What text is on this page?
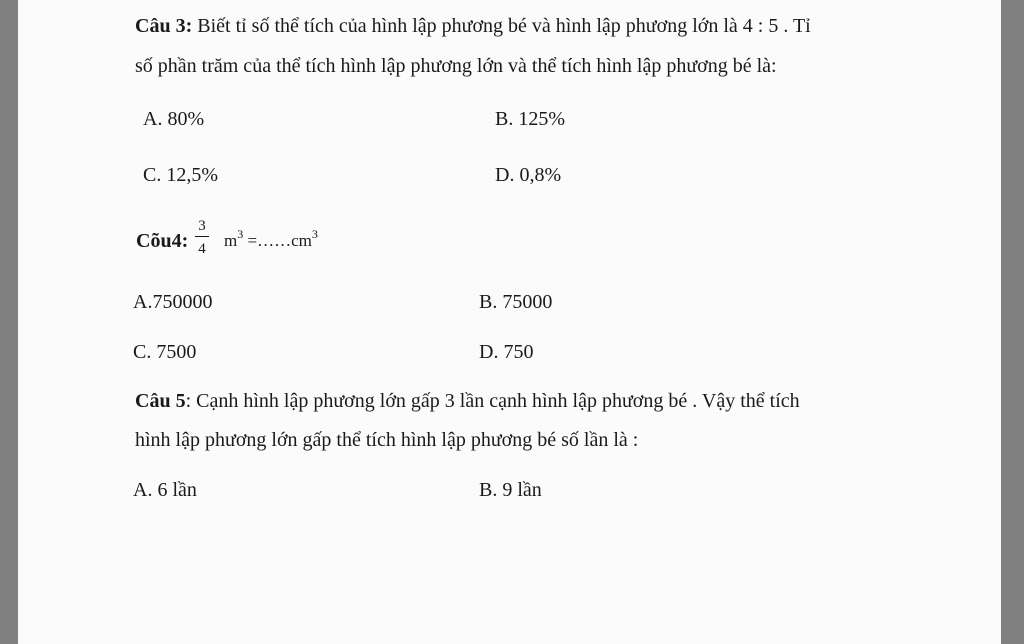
Câu 3: Biết tỉ số thể tích của hình lập phương bé và hình lập phương lớn là 4 : 5 . Tỉ
số phần trăm của thể tích hình lập phương lớn và thể tích hình lập phương bé là:
A. 80%	B. 125%
C. 12,5%	D. 0,8%
Cõu4:
3
4 $m^3$ $=\dots\dots cm^3$
A.750000	B. 75000
C. 7500	D. 750
Câu 5: Cạnh hình lập phương lớn gấp 3 lần cạnh hình lập phương bé . Vậy thể tích
hình lập phương lớn gấp thể tích hình lập phương bé số lần là :
A. 6 lần	B. 9 lần
